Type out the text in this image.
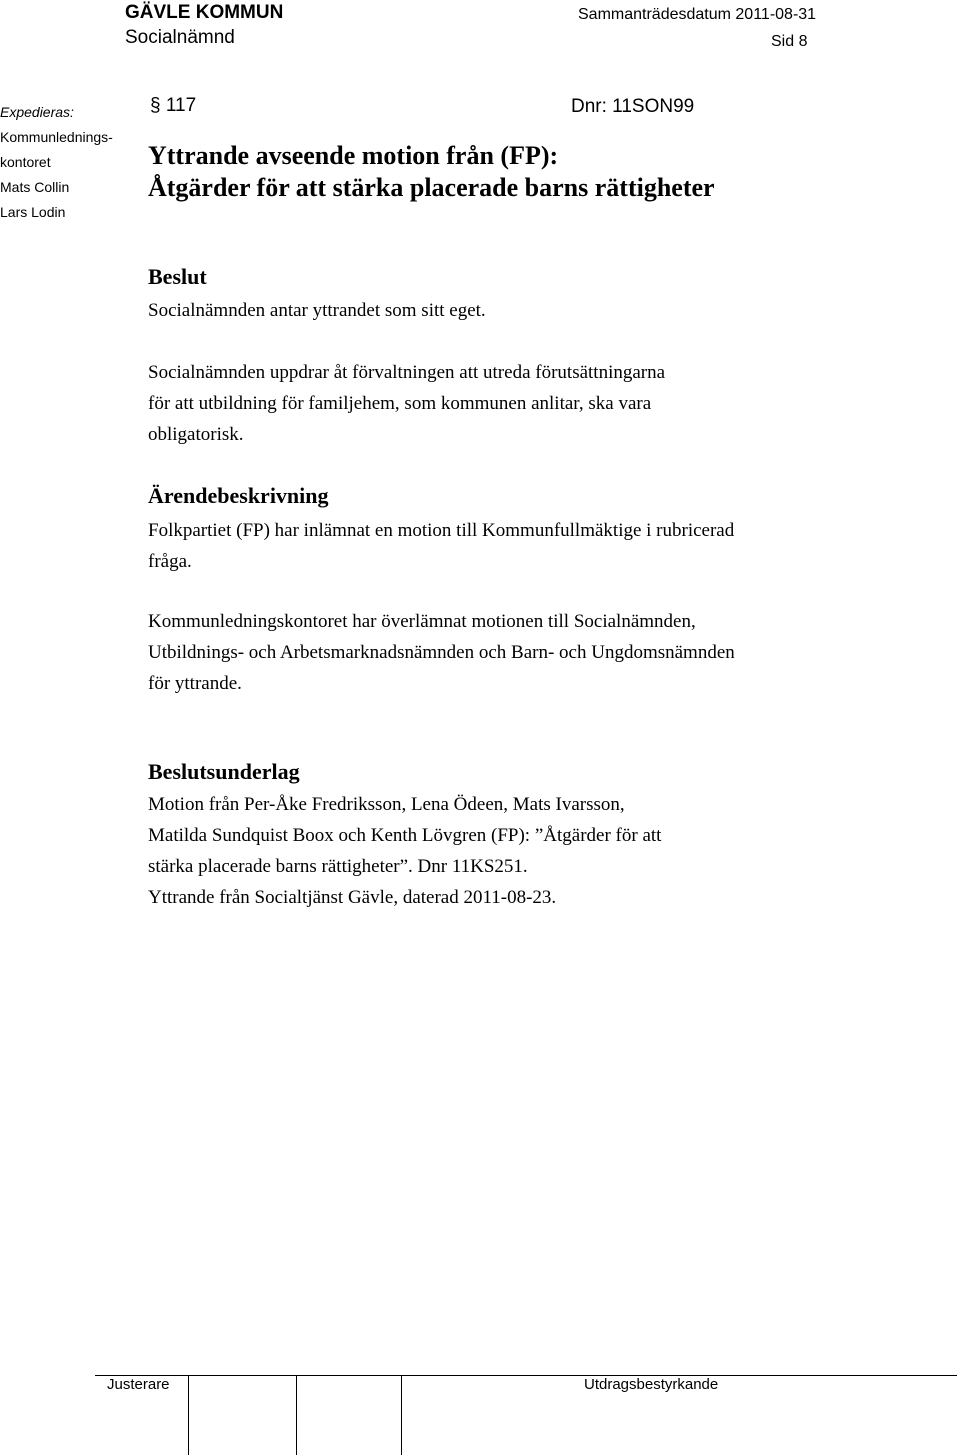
GÄVLE KOMMUN
Socialnämnd
Sammanträdesdatum 2011-08-31
Sid 8
Expedieras:
Kommunlednings-
kontoret
Mats Collin
Lars Lodin
§ 117	Dnr: 11SON99
Yttrande avseende motion från (FP):
Åtgärder för att stärka placerade barns rättigheter
Beslut
Socialnämnden antar yttrandet som sitt eget.
Socialnämnden uppdrar åt förvaltningen att utreda förutsättningarna
för att utbildning för familjehem, som kommunen anlitar, ska vara
obligatorisk.
Ärendebeskrivning
Folkpartiet (FP) har inlämnat en motion till Kommunfullmäktige i rubricerad
fråga.
Kommunledningskontoret har överlämnat motionen till Socialnämnden,
Utbildnings- och Arbetsmarknadsnämnden och Barn- och Ungdomsnämnden
för yttrande.
Beslutsunderlag
Motion från Per-Åke Fredriksson, Lena Ödeen, Mats Ivarsson,
Matilda Sundquist Boox och Kenth Lövgren (FP): ”Åtgärder för att
stärka placerade barns rättigheter”. Dnr 11KS251.
Yttrande från Socialtjänst Gävle, daterad 2011-08-23.
Justerare	Utdragsbestyrkande
